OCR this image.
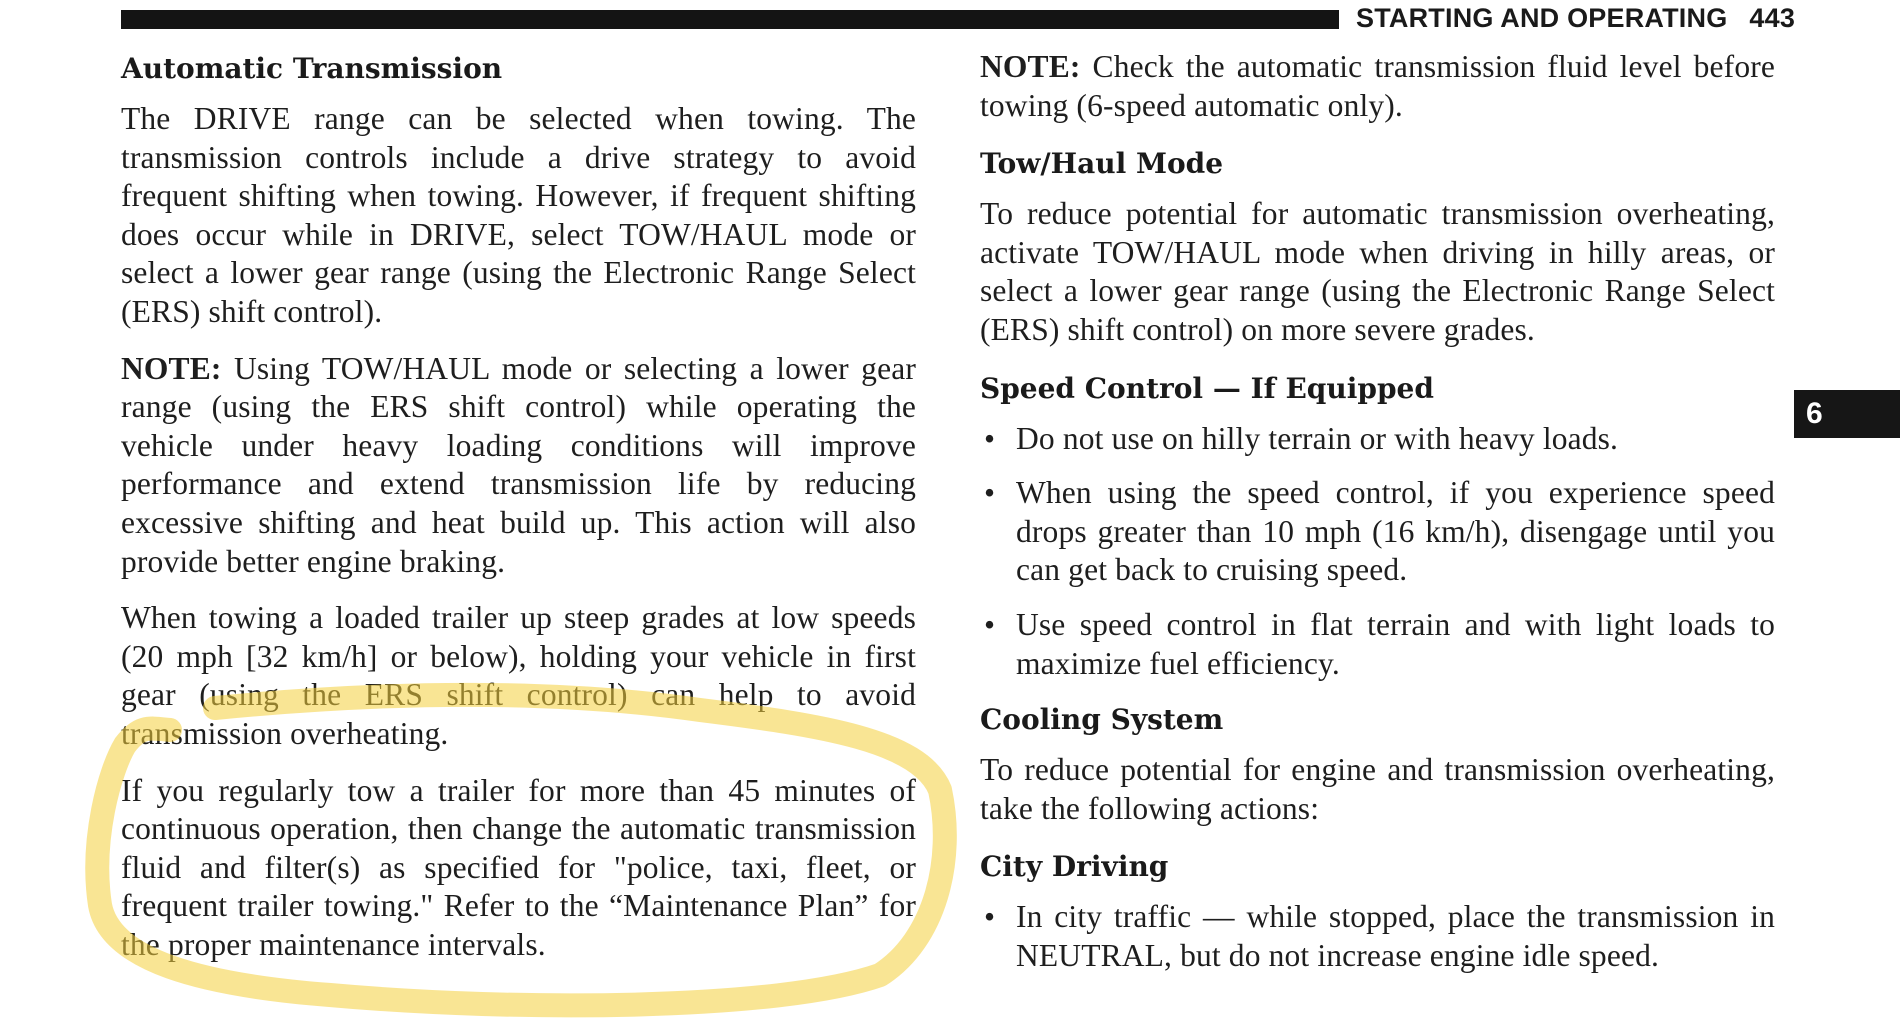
STARTING AND OPERATING 443
6
Automatic Transmission

The DRIVE range can be selected when towing. The transmission controls include a drive strategy to avoid frequent shifting when towing. However, if frequent shifting does occur while in DRIVE, select TOW/HAUL mode or select a lower gear range (using the Electronic Range Select (ERS) shift control).

NOTE: Using TOW/HAUL mode or selecting a lower gear range (using the ERS shift control) while operating the vehicle under heavy loading conditions will improve performance and extend transmission life by reducing excessive shifting and heat build up. This action will also provide better engine braking.

When towing a loaded trailer up steep grades at low speeds (20 mph [32 km/h] or below), holding your vehicle in first gear (using the ERS shift control) can help to avoid transmission overheating.

If you regularly tow a trailer for more than 45 minutes of continuous operation, then change the automatic transmission fluid and filter(s) as specified for "police, taxi, fleet, or frequent trailer towing." Refer to the “Maintenance Plan” for the proper maintenance intervals.

NOTE: Check the automatic transmission fluid level before towing (6-speed automatic only).

Tow/Haul Mode

To reduce potential for automatic transmission overheating, activate TOW/HAUL mode when driving in hilly areas, or select a lower gear range (using the Electronic Range Select (ERS) shift control) on more severe grades.

Speed Control — If Equipped
• Do not use on hilly terrain or with heavy loads.
• When using the speed control, if you experience speed drops greater than 10 mph (16 km/h), disengage until you can get back to cruising speed.
• Use speed control in flat terrain and with light loads to maximize fuel efficiency.
Cooling System

To reduce potential for engine and transmission overheating, take the following actions:

City Driving
• In city traffic — while stopped, place the transmission in NEUTRAL, but do not increase engine idle speed.
